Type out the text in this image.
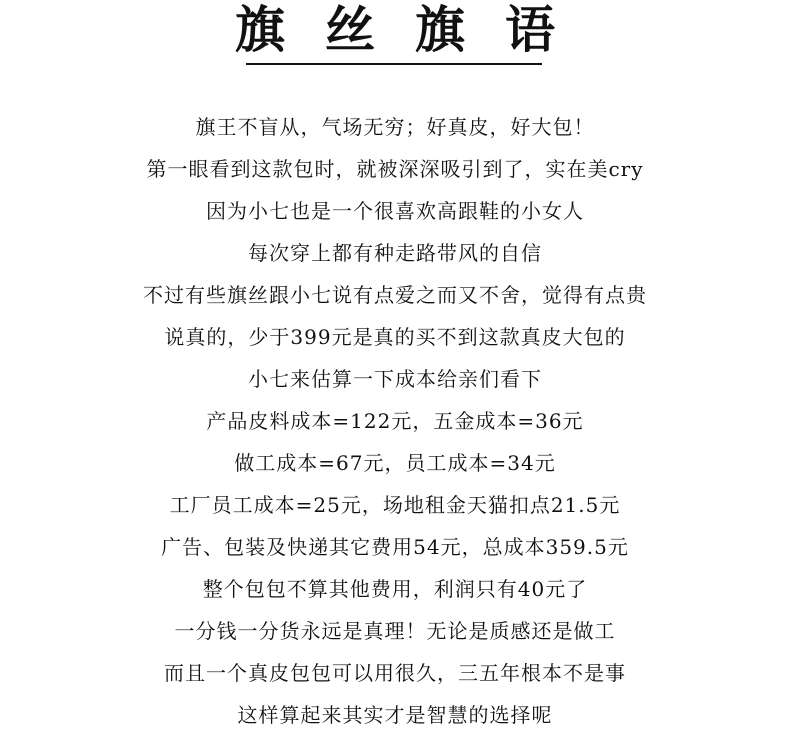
旗丝旗语
旗王不盲从，气场无穷；好真皮，好大包！
第一眼看到这款包时，就被深深吸引到了，实在美cry
因为小七也是一个很喜欢高跟鞋的小女人
每次穿上都有种走路带风的自信
不过有些旗丝跟小七说有点爱之而又不舍，觉得有点贵
说真的，少于399元是真的买不到这款真皮大包的
小七来估算一下成本给亲们看下
产品皮料成本=122元，五金成本=36元
做工成本=67元，员工成本=34元
工厂员工成本=25元，场地租金天猫扣点21.5元
广告、包装及快递其它费用54元，总成本359.5元
整个包包不算其他费用，利润只有40元了
一分钱一分货永远是真理！无论是质感还是做工
而且一个真皮包包可以用很久，三五年根本不是事
这样算起来其实才是智慧的选择呢
